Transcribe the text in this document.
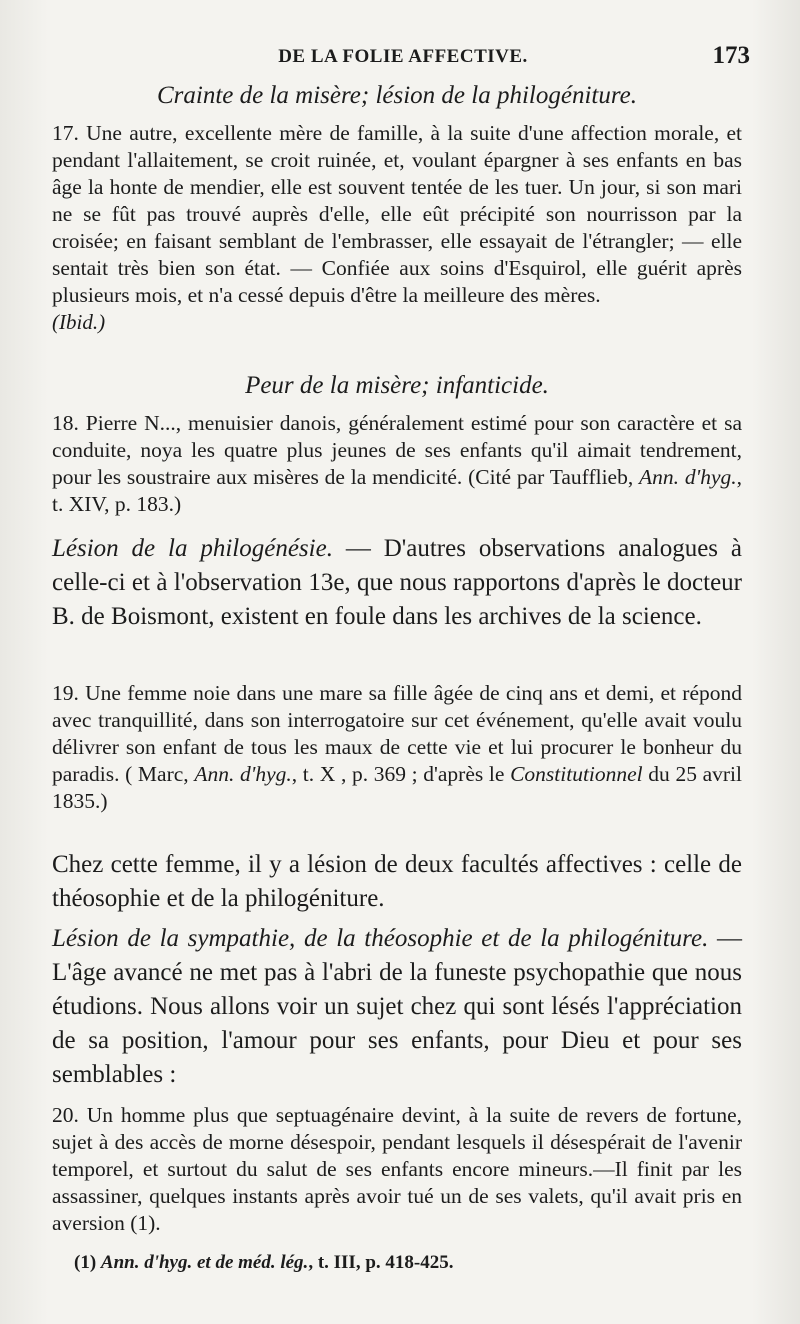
DE LA FOLIE AFFECTIVE.	173

Crainte de la misère; lésion de la philogéniture.

17. Une autre, excellente mère de famille, à la suite d'une affection morale, et pendant l'allaitement, se croit ruinée, et, voulant épargner à ses enfants en bas âge la honte de mendier, elle est souvent tentée de les tuer. Un jour, si son mari ne se fût pas trouvé auprès d'elle, elle eût précipité son nourrisson par la croisée; en faisant semblant de l'embrasser, elle essayait de l'étrangler; — elle sentait très bien son état. — Confiée aux soins d'Esquirol, elle guérit après plusieurs mois, et n'a cessé depuis d'être la meilleure des mères.

(Ibid.)

Peur de la misère; infanticide.

18. Pierre N..., menuisier danois, généralement estimé pour son caractère et sa conduite, noya les quatre plus jeunes de ses enfants qu'il aimait tendrement, pour les soustraire aux misères de la mendicité. (Cité par Taufflieb, Ann. d'hyg., t. XIV, p. 183.)

Lésion de la philogénésie. — D'autres observations analogues à celle-ci et à l'observation 13e, que nous rapportons d'après le docteur B. de Boismont, existent en foule dans les archives de la science.

19. Une femme noie dans une mare sa fille âgée de cinq ans et demi, et répond avec tranquillité, dans son interrogatoire sur cet événement, qu'elle avait voulu délivrer son enfant de tous les maux de cette vie et lui procurer le bonheur du paradis. ( Marc, Ann. d'hyg., t. X , p. 369 ; d'après le Constitutionnel du 25 avril 1835.)

Chez cette femme, il y a lésion de deux facultés affectives : celle de théosophie et de la philogéniture.

Lésion de la sympathie, de la théosophie et de la philogéniture. — L'âge avancé ne met pas à l'abri de la funeste psychopathie que nous étudions. Nous allons voir un sujet chez qui sont lésés l'appréciation de sa position, l'amour pour ses enfants, pour Dieu et pour ses semblables :

20. Un homme plus que septuagénaire devint, à la suite de revers de fortune, sujet à des accès de morne désespoir, pendant lesquels il désespérait de l'avenir temporel, et surtout du salut de ses enfants encore mineurs.—Il finit par les assassiner, quelques instants après avoir tué un de ses valets, qu'il avait pris en aversion (1).

(1) Ann. d'hyg. et de méd. lég., t. III, p. 418-425.
